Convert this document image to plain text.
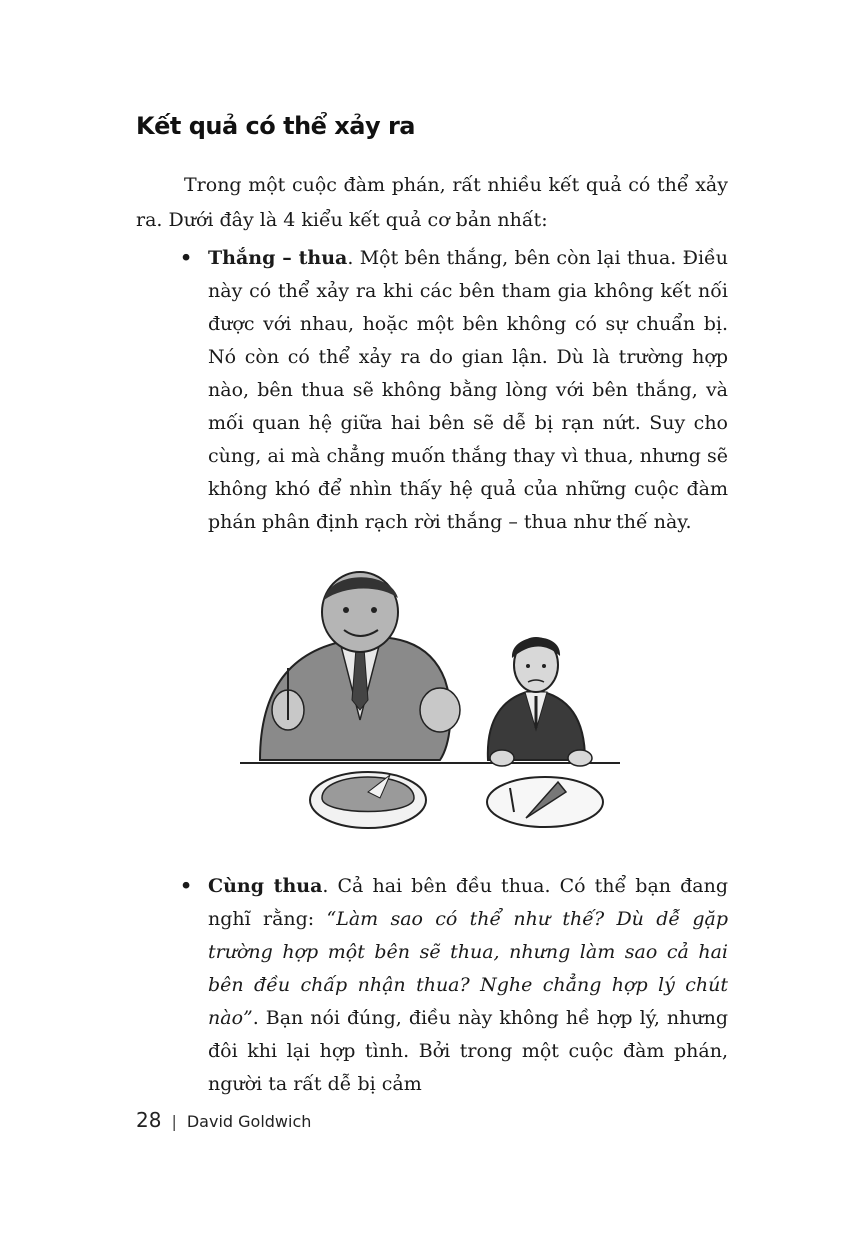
Kết quả có thể xảy ra

Trong một cuộc đàm phán, rất nhiều kết quả có thể xảy ra. Dưới đây là 4 kiểu kết quả cơ bản nhất:

• Thắng – thua. Một bên thắng, bên còn lại thua. Điều này có thể xảy ra khi các bên tham gia không kết nối được với nhau, hoặc một bên không có sự chuẩn bị. Nó còn có thể xảy ra do gian lận. Dù là trường hợp nào, bên thua sẽ không bằng lòng với bên thắng, và mối quan hệ giữa hai bên sẽ dễ bị rạn nứt. Suy cho cùng, ai mà chẳng muốn thắng thay vì thua, nhưng sẽ không khó để nhìn thấy hệ quả của những cuộc đàm phán phân định rạch rời thắng – thua như thế này.

• Cùng thua. Cả hai bên đều thua. Có thể bạn đang nghĩ rằng: “Làm sao có thể như thế? Dù dễ gặp trường hợp một bên sẽ thua, nhưng làm sao cả hai bên đều chấp nhận thua? Nghe chẳng hợp lý chút nào”. Bạn nói đúng, điều này không hề hợp lý, nhưng đôi khi lại hợp tình. Bởi trong một cuộc đàm phán, người ta rất dễ bị cảm

28 | David Goldwich
